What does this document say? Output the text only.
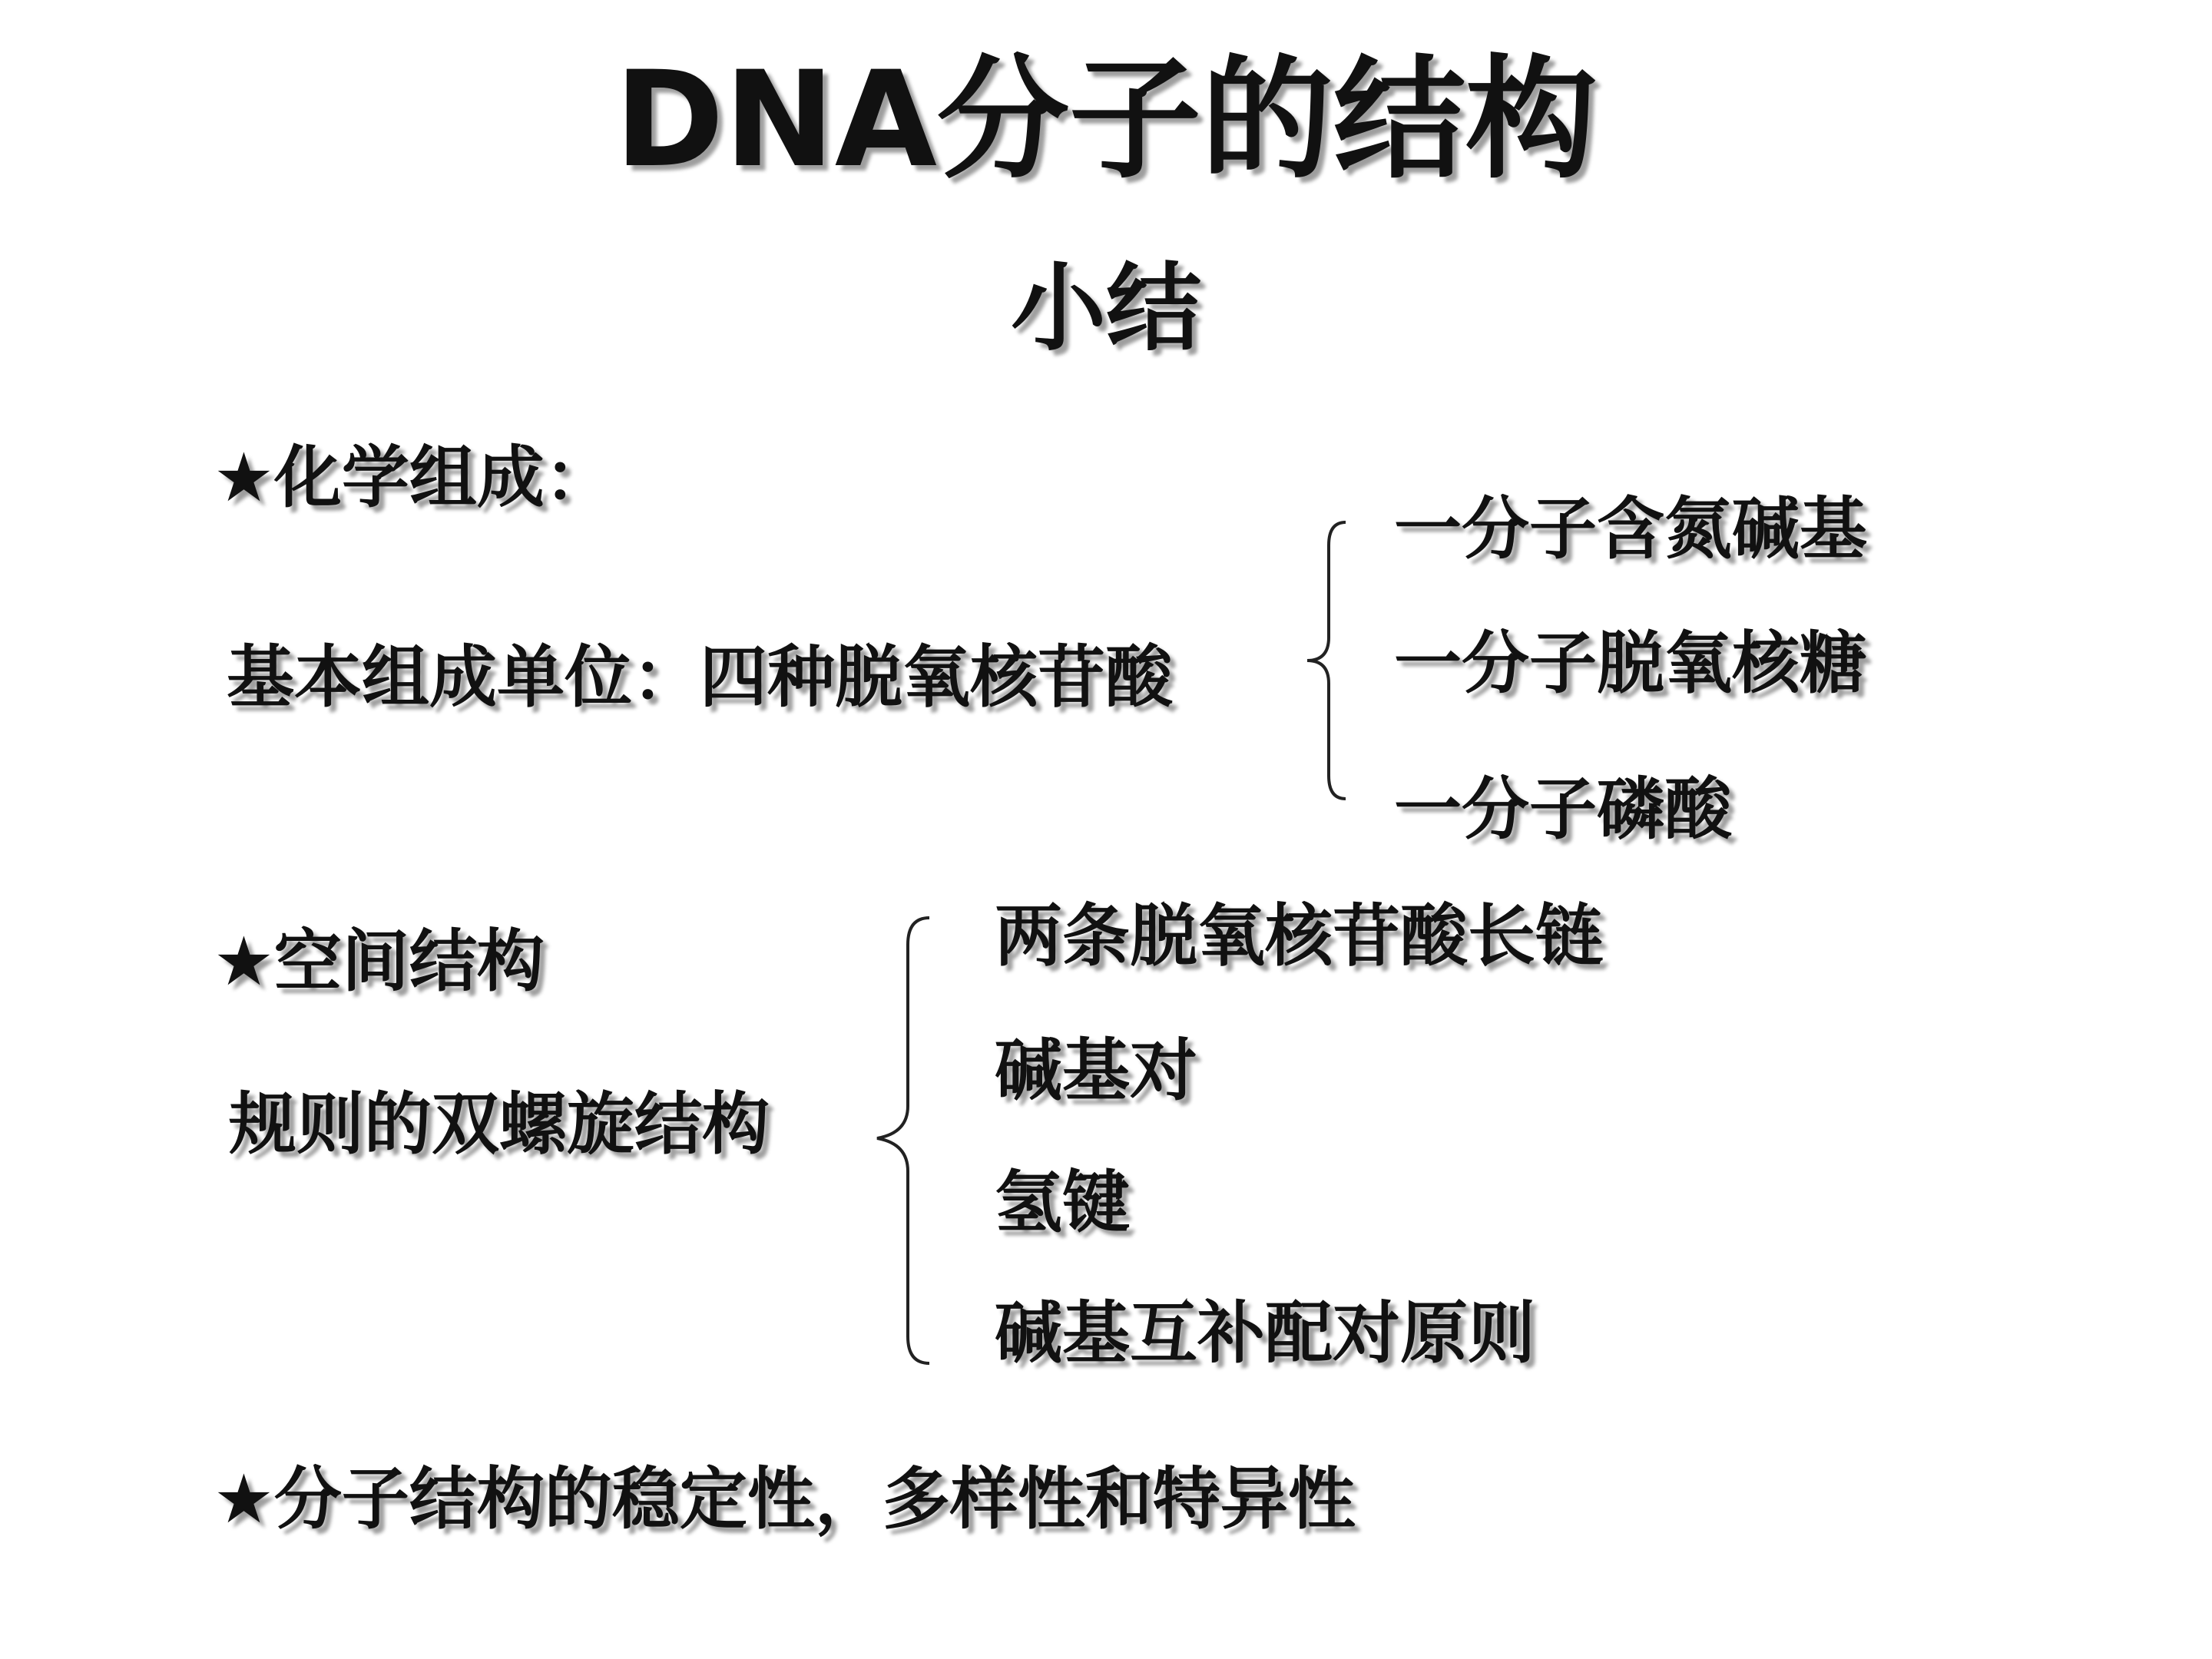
DNA分子的结构
小结
★化学组成：
基本组成单位：四种脱氧核苷酸
一分子含氮碱基
一分子脱氧核糖
一分子磷酸
★空间结构
规则的双螺旋结构
两条脱氧核苷酸长链
碱基对
氢键
碱基互补配对原则
★分子结构的稳定性，多样性和特异性
